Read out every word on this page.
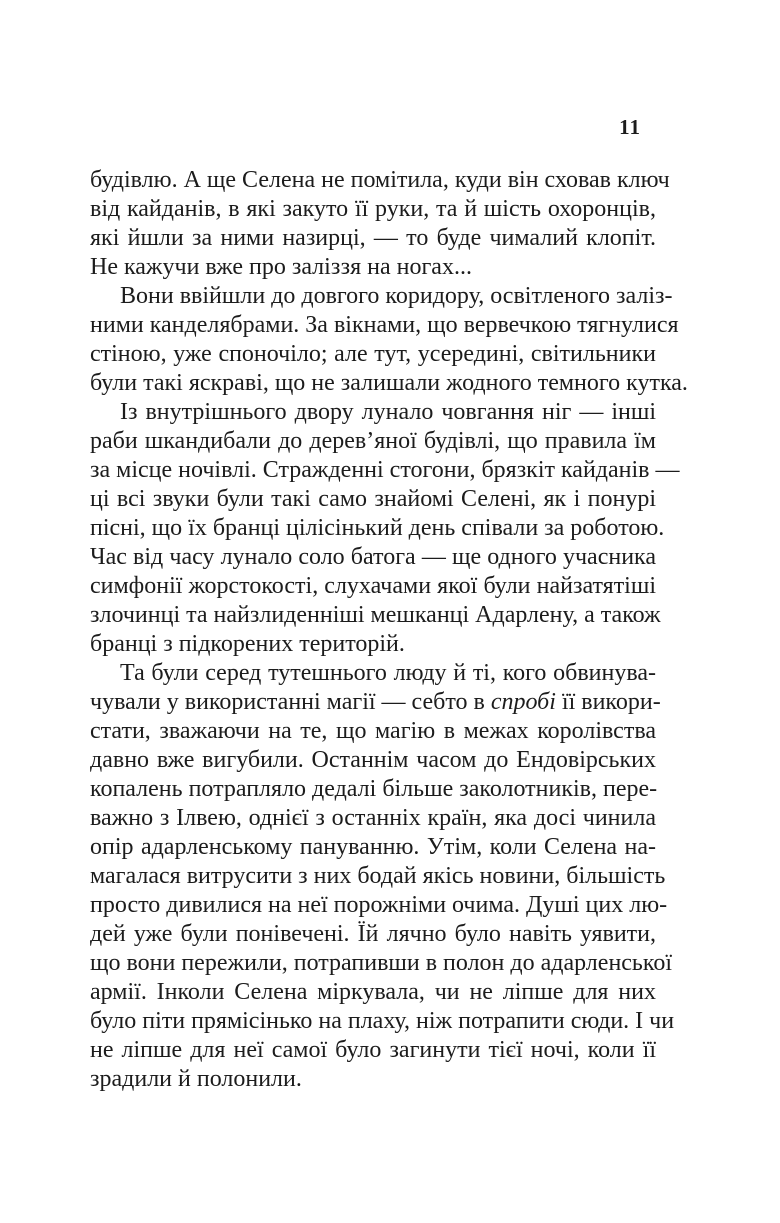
11
будівлю. А ще Селена не помітила, куди він сховав ключ
від кайданів, в які закуто її руки, та й шість охоронців,
які йшли за ними назирці, — то буде чималий клопіт.
Не кажучи вже про заліззя на ногах...
Вони ввійшли до довгого коридору, освітленого заліз-
ними канделябрами. За вікнами, що вервечкою тягнулися
стіною, уже споночіло; але тут, усередині, світильники
були такі яскраві, що не залишали жодного темного кутка.
Із внутрішнього двору лунало човгання ніг — інші
раби шкандибали до дерев’яної будівлі, що правила їм
за місце ночівлі. Стражденні стогони, брязкіт кайданів —
ці всі звуки були такі само знайомі Селені, як і понурі
пісні, що їх бранці цілісінький день співали за роботою.
Час від часу лунало соло батога — ще одного учасника
симфонії жорстокості, слухачами якої були найзатятіші
злочинці та найзлиденніші мешканці Адарлену, а також
бранці з підкорених територій.
Та були серед тутешнього люду й ті, кого обвинува-
чували у використанні магії — себто в спробі її викори-
стати, зважаючи на те, що магію в межах королівства
давно вже вигубили. Останнім часом до Ендовірських
копалень потрапляло дедалі більше заколотників, пере-
важно з Ілвею, однієї з останніх країн, яка досі чинила
опір адарленському пануванню. Утім, коли Селена на-
магалася витрусити з них бодай якісь новини, більшість
просто дивилися на неї порожніми очима. Душі цих лю-
дей уже були понівечені. Їй лячно було навіть уявити,
що вони пережили, потрапивши в полон до адарленської
армії. Інколи Селена міркувала, чи не ліпше для них
було піти прямісінько на плаху, ніж потрапити сюди. І чи
не ліпше для неї самої було загинути тієї ночі, коли її
зрадили й полонили.
